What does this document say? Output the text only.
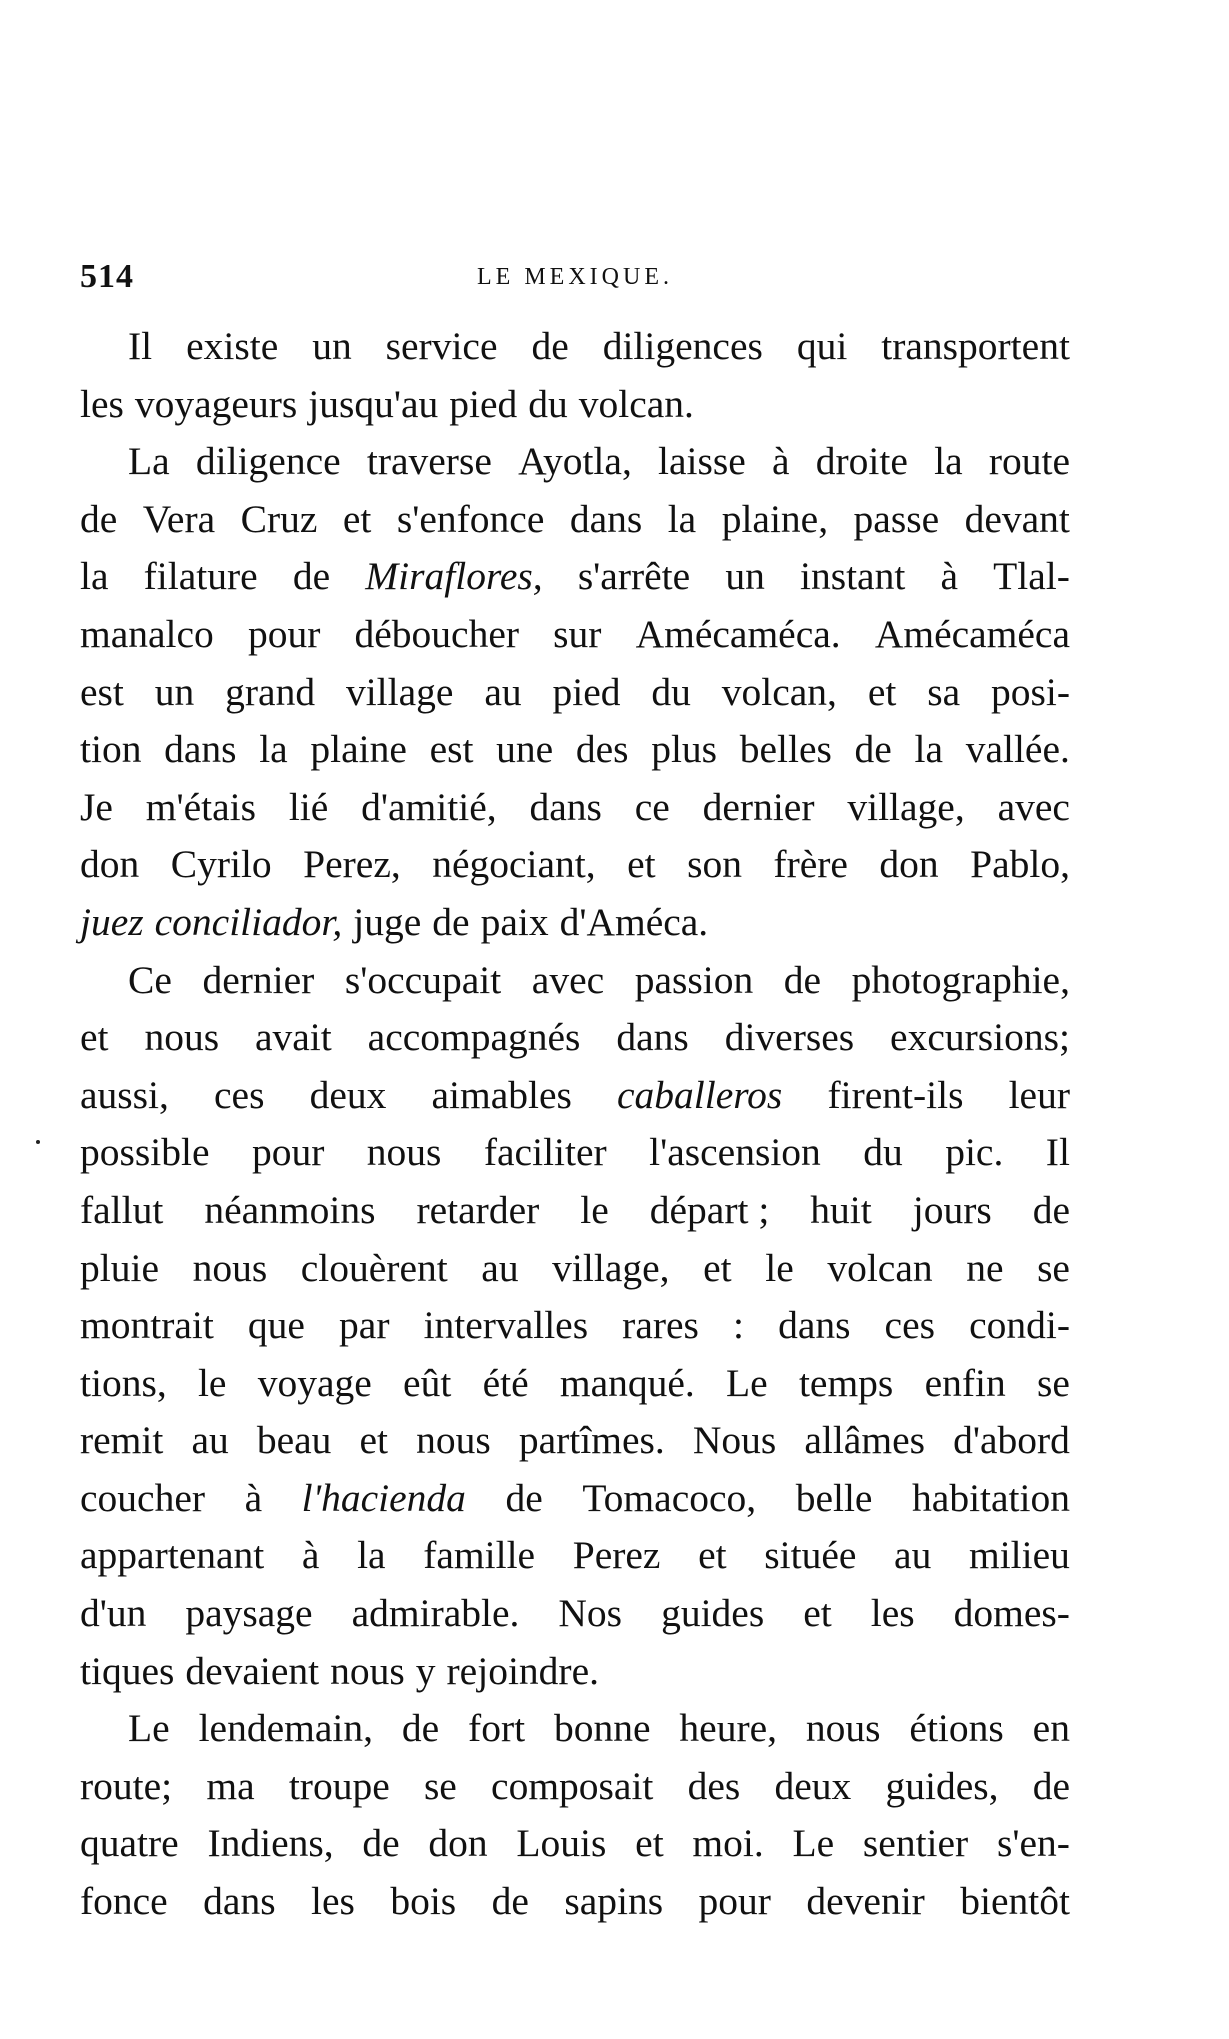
514	LE MEXIQUE.
Il existe un service de diligences qui transportent
les voyageurs jusqu'au pied du volcan.
La diligence traverse Ayotla, laisse à droite la route
de Vera Cruz et s'enfonce dans la plaine, passe devant
la filature de Miraflores, s'arrête un instant à Tlal-
manalco pour déboucher sur Amécaméca. Amécaméca
est un grand village au pied du volcan, et sa posi-
tion dans la plaine est une des plus belles de la vallée.
Je m'étais lié d'amitié, dans ce dernier village, avec
don Cyrilo Perez, négociant, et son frère don Pablo,
juez conciliador, juge de paix d'Améca.
Ce dernier s'occupait avec passion de photographie,
et nous avait accompagnés dans diverses excursions;
aussi, ces deux aimables caballeros firent-ils leur
possible pour nous faciliter l'ascension du pic. Il
fallut néanmoins retarder le départ ; huit jours de
pluie nous clouèrent au village, et le volcan ne se
montrait que par intervalles rares : dans ces condi-
tions, le voyage eût été manqué. Le temps enfin se
remit au beau et nous partîmes. Nous allâmes d'abord
coucher à l'hacienda de Tomacoco, belle habitation
appartenant à la famille Perez et située au milieu
d'un paysage admirable. Nos guides et les domes-
tiques devaient nous y rejoindre.
Le lendemain, de fort bonne heure, nous étions en
route; ma troupe se composait des deux guides, de
quatre Indiens, de don Louis et moi. Le sentier s'en-
fonce dans les bois de sapins pour devenir bientôt
